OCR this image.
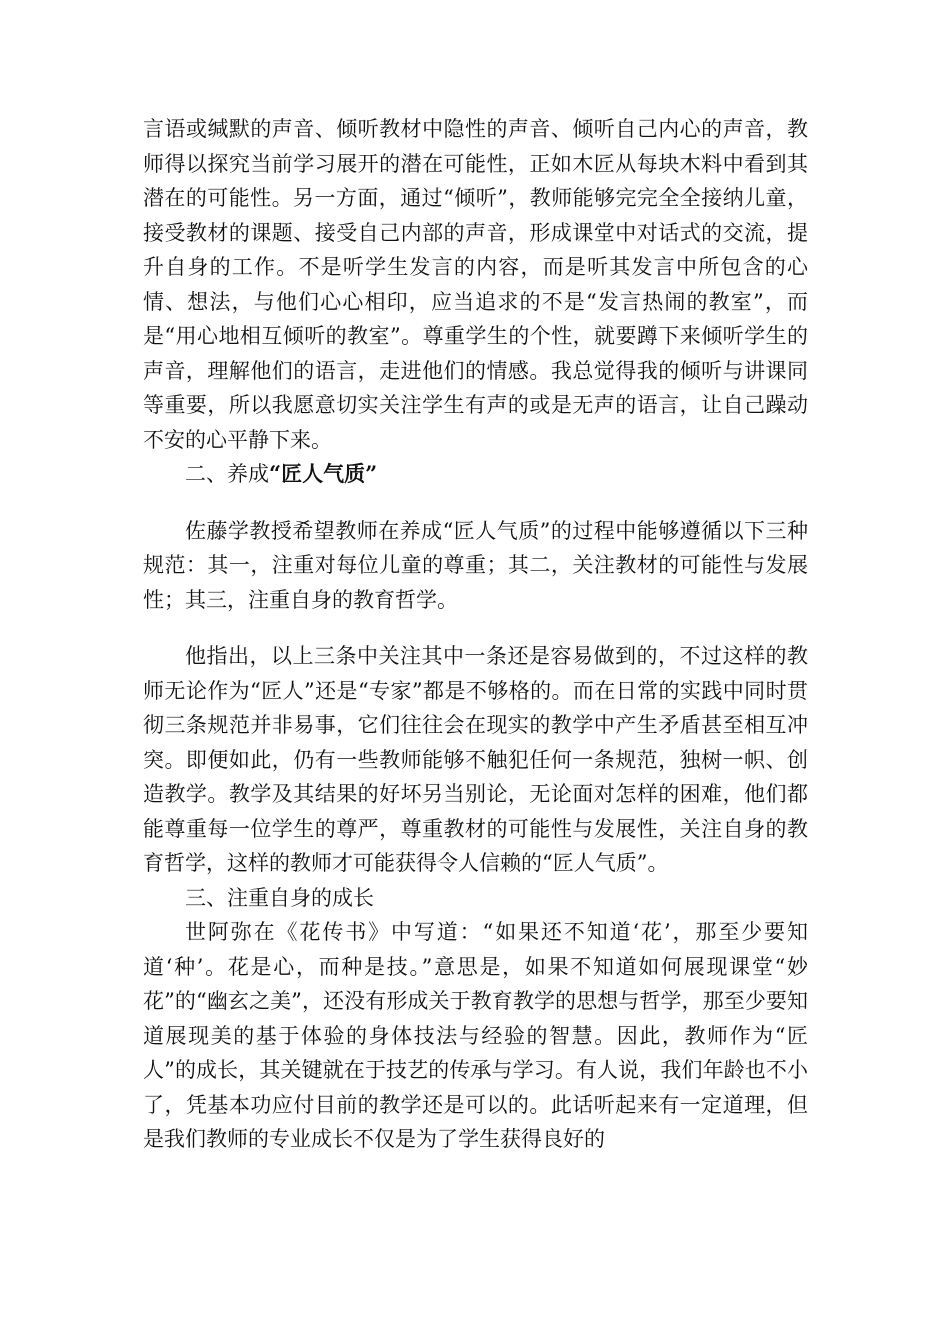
言语或缄默的声音、倾听教材中隐性的声音、倾听自己内心的声音，教师得以探究当前学习展开的潜在可能性，正如木匠从每块木料中看到其潜在的可能性。另一方面，通过“倾听”，教师能够完完全全接纳儿童，接受教材的课题、接受自己内部的声音，形成课堂中对话式的交流，提升自身的工作。不是听学生发言的内容，而是听其发言中所包含的心情、想法，与他们心心相印，应当追求的不是“发言热闹的教室”，而是“用心地相互倾听的教室”。尊重学生的个性，就要蹲下来倾听学生的声音，理解他们的语言，走进他们的情感。我总觉得我的倾听与讲课同等重要，所以我愿意切实关注学生有声的或是无声的语言，让自己躁动不安的心平静下来。

二、养成“匠人气质”

佐藤学教授希望教师在养成“匠人气质”的过程中能够遵循以下三种规范：其一，注重对每位儿童的尊重；其二，关注教材的可能性与发展性；其三，注重自身的教育哲学。

他指出，以上三条中关注其中一条还是容易做到的，不过这样的教师无论作为“匠人”还是“专家”都是不够格的。而在日常的实践中同时贯彻三条规范并非易事，它们往往会在现实的教学中产生矛盾甚至相互冲突。即便如此，仍有一些教师能够不触犯任何一条规范，独树一帜、创造教学。教学及其结果的好坏另当别论，无论面对怎样的困难，他们都能尊重每一位学生的尊严，尊重教材的可能性与发展性，关注自身的教育哲学，这样的教师才可能获得令人信赖的“匠人气质”。

三、注重自身的成长

世阿弥在《花传书》中写道：“如果还不知道‘花’，那至少要知道‘种’。花是心，而种是技。”意思是，如果不知道如何展现课堂“妙花”的“幽玄之美”，还没有形成关于教育教学的思想与哲学，那至少要知道展现美的基于体验的身体技法与经验的智慧。因此，教师作为“匠人”的成长，其关键就在于技艺的传承与学习。有人说，我们年龄也不小了，凭基本功应付目前的教学还是可以的。此话听起来有一定道理，但是我们教师的专业成长不仅是为了学生获得良好的
